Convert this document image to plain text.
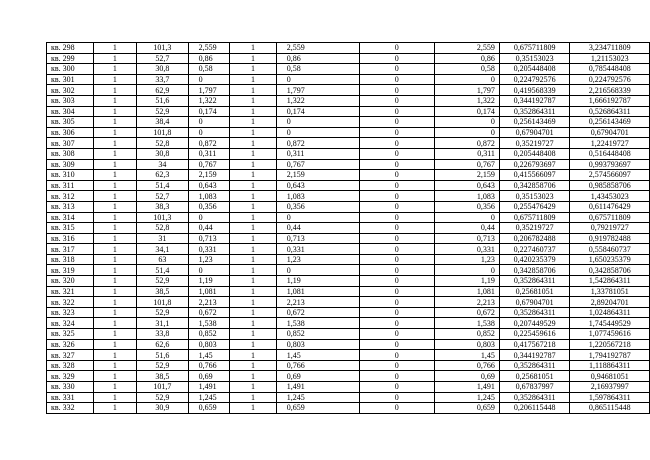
кв. 298	1	101,3	2,559	1	2,559	0	2,559	0,675711809	3,234711809
кв. 299	1	52,7	0,86	1	0,86	0	0,86	0,35153023	1,21153023
кв. 300	1	30,8	0,58	1	0,58	0	0,58	0,205448408	0,785448408
кв. 301	1	33,7	0	1	0	0	0	0,224792576	0,224792576
кв. 302	1	62,9	1,797	1	1,797	0	1,797	0,419568339	2,216568339
кв. 303	1	51,6	1,322	1	1,322	0	1,322	0,344192787	1,666192787
кв. 304	1	52,9	0,174	1	0,174	0	0,174	0,352864311	0,526864311
кв. 305	1	38,4	0	1	0	0	0	0,256143469	0,256143469
кв. 306	1	101,8	0	1	0	0	0	0,67904701	0,67904701
кв. 307	1	52,8	0,872	1	0,872	0	0,872	0,35219727	1,22419727
кв. 308	1	30,8	0,311	1	0,311	0	0,311	0,205448408	0,516448408
кв. 309	1	34	0,767	1	0,767	0	0,767	0,226793697	0,993793697
кв. 310	1	62,3	2,159	1	2,159	0	2,159	0,415566097	2,574566097
кв. 311	1	51,4	0,643	1	0,643	0	0,643	0,342858706	0,985858706
кв. 312	1	52,7	1,083	1	1,083	0	1,083	0,35153023	1,43453023
кв. 313	1	38,3	0,356	1	0,356	0	0,356	0,255476429	0,611476429
кв. 314	1	101,3	0	1	0	0	0	0,675711809	0,675711809
кв. 315	1	52,8	0,44	1	0,44	0	0,44	0,35219727	0,79219727
кв. 316	1	31	0,713	1	0,713	0	0,713	0,206782488	0,919782488
кв. 317	1	34,1	0,331	1	0,331	0	0,331	0,227460737	0,558460737
кв. 318	1	63	1,23	1	1,23	0	1,23	0,420235379	1,650235379
кв. 319	1	51,4	0	1	0	0	0	0,342858706	0,342858706
кв. 320	1	52,9	1,19	1	1,19	0	1,19	0,352864311	1,542864311
кв. 321	1	38,5	1,081	1	1,081	0	1,081	0,25681051	1,33781051
кв. 322	1	101,8	2,213	1	2,213	0	2,213	0,67904701	2,89204701
кв. 323	1	52,9	0,672	1	0,672	0	0,672	0,352864311	1,024864311
кв. 324	1	31,1	1,538	1	1,538	0	1,538	0,207449529	1,745449529
кв. 325	1	33,8	0,852	1	0,852	0	0,852	0,225459616	1,077459616
кв. 326	1	62,6	0,803	1	0,803	0	0,803	0,417567218	1,220567218
кв. 327	1	51,6	1,45	1	1,45	0	1,45	0,344192787	1,794192787
кв. 328	1	52,9	0,766	1	0,766	0	0,766	0,352864311	1,118864311
кв. 329	1	38,5	0,69	1	0,69	0	0,69	0,25681051	0,94681051
кв. 330	1	101,7	1,491	1	1,491	0	1,491	0,67837997	2,16937997
кв. 331	1	52,9	1,245	1	1,245	0	1,245	0,352864311	1,597864311
кв. 332	1	30,9	0,659	1	0,659	0	0,659	0,206115448	0,865115448
